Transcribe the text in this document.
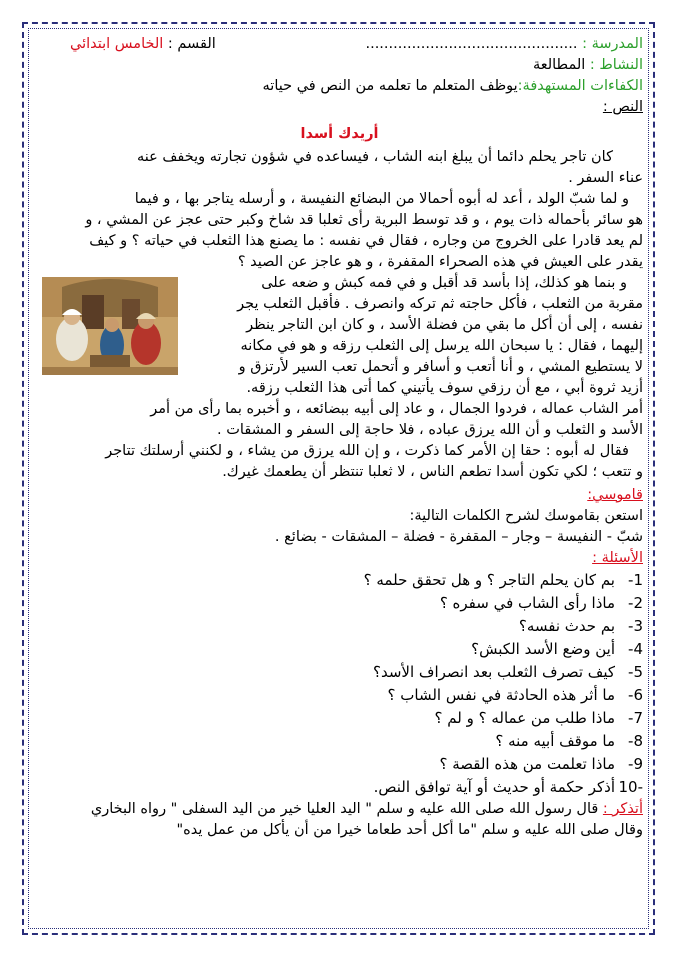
المدرسة : ..............................................
القسم : الخامس ابتدائي
النشاط : المطالعة
الكفاءات المستهدفة:يوظف المتعلم ما تعلمه من النص في حياته
النص :
أريدك أسدا

كان تاجر يحلم دائما أن يبلغ ابنه الشاب ، فيساعده في شؤون تجارته ويخفف عنه

عناء السفر .

و لما شبّ الولد ، أعد له أبوه أحمالا من البضائع النفيسة ، و أرسله يتاجر بها ، و فيما

هو سائر بأحماله ذات يوم ، و قد توسط البرية رأى ثعلبا قد شاخ وكبر حتى عجز عن المشي ، و

لم يعد قادرا على الخروج من وجاره ، فقال في نفسه : ما يصنع هذا الثعلب في حياته ؟ و كيف

يقدر على العيش في هذه الصحراء المقفرة ، و هو عاجز عن الصيد ؟

و بنما هو كذلك، إذا بأسد قد أقبل و في فمه كبش و ضعه على

مقربة من الثعلب ، فأكل حاجته ثم تركه وانصرف . فأقبل الثعلب يجر

نفسه ، إلى أن أكل ما بقي من فضلة الأسد ، و كان ابن التاجر ينظر

إليهما ، فقال : يا سبحان الله يرسل إلى الثعلب رزقه و هو في مكانه

لا يستطيع المشي ، و أنا أتعب و أسافر و أتحمل تعب السير لأرتزق و

أزيد ثروة أبي ، مع أن رزقي سوف يأتيني كما أتى هذا الثعلب رزقه.

أمر الشاب عماله ، فردوا الجمال ، و عاد إلى أبيه ببضائعه ، و أخبره بما رأى من أمر

الأسد و الثعلب و أن الله يرزق عباده ، فلا حاجة إلى السفر و المشقات .

فقال له أبوه : حقا إن الأمر كما ذكرت ، و إن الله يرزق من يشاء ، و لكنني أرسلتك تتاجر

و تتعب ؛ لكي تكون أسدا تطعم الناس ، لا ثعلبا تنتظر أن يطعمك غيرك.

قاموسي:
استعن بقاموسك لشرح الكلمات التالية:
شبّ - النفيسة – وجار – المقفرة - فضلة – المشقات - بضائع .
الأسئلة :
1-بم كان يحلم التاجر ؟ و هل تحقق حلمه ؟
2-ماذا رأى الشاب في سفره ؟
3-بم حدث نفسه؟
4-أين وضع الأسد الكبش؟
5-كيف تصرف الثعلب بعد انصراف الأسد؟
6-ما أثر هذه الحادثة في نفس الشاب ؟
7-ماذا طلب من عماله ؟ و لم ؟
8-ما موقف أبيه منه ؟
9-ماذا تعلمت من هذه القصة ؟
-10أذكر حكمة أو حديث أو آية توافق النص.
أتذكر : قال رسول الله صلى الله عليه و سلم " اليد العليا خير من اليد السفلى " رواه البخاري
وقال صلى الله عليه و سلم "ما أكل أحد طعاما خيرا من أن يأكل من عمل يده"
